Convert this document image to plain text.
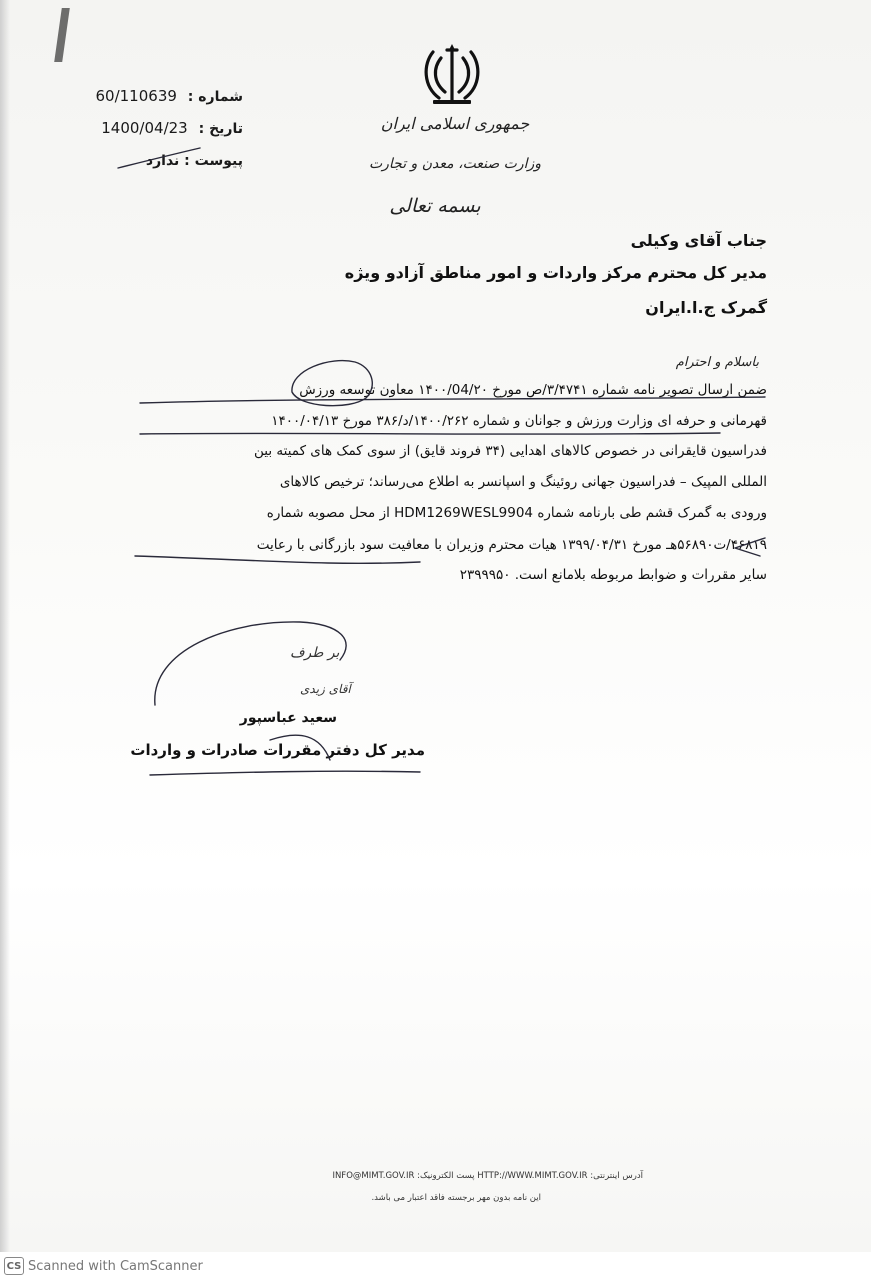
جمهوری اسلامی ایران
وزارت صنعت، معدن و تجارت
بسمه تعالی
شماره : 60/110639
تاریخ : 1400/04/23
پیوست : ندارد
جناب آقای وکیلی
مدیر کل محترم مرکز واردات و امور مناطق آزادو ویژه
گمرک ج.ا.ایران
باسلام و احترام
ضمن ارسال تصویر نامه شماره ۳/۴۷۴۱/ص مورخ ۱۴۰۰/04/۲۰ معاون توسعه ورزش
قهرمانی و حرفه ای وزارت ورزش و جوانان و شماره ۱۴۰۰/۲۶۲/د/۳۸۶ مورخ ۱۴۰۰/۰۴/۱۳
فدراسیون قایقرانی در خصوص کالاهای اهدایی (۳۴ فروند قایق) از سوی کمک های کمیته بین
المللی المپیک – فدراسیون جهانی روئینگ و اسپانسر به اطلاع می‌رساند؛ ترخیص کالاهای
ورودی به گمرک قشم طی بارنامه شماره HDM1269WESL9904 از محل مصوبه شماره
۴۶۸۱۹/ت۵۶۸۹۰هـ مورخ ۱۳۹۹/۰۴/۳۱ هیات محترم وزیران با معافیت سود بازرگانی با رعایت
سایر مقررات و ضوابط مربوطه بلامانع است. ۲۳۹۹۹۵۰
بر طرف
آقای زیدی
سعید عباسپور
مدیر کل دفتر مقررات صادرات و واردات
آدرس اینترنتی: HTTP://WWW.MIMT.GOV.IR پست الکترونیک: INFO@MIMT.GOV.IR
این نامه بدون مهر برجسته فاقد اعتبار می باشد.
CS Scanned with CamScanner
